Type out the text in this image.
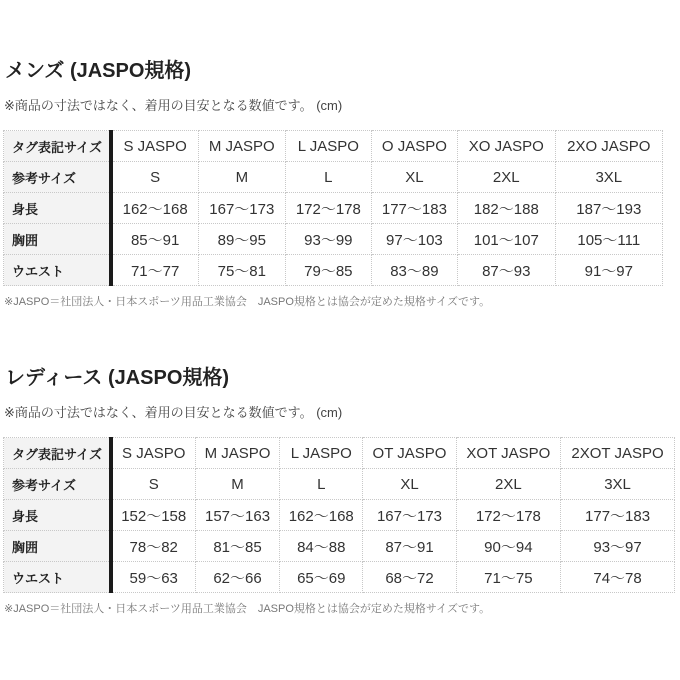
メンズ (JASPO規格)

※商品の寸法ではなく、着用の目安となる数値です。 (cm)

タグ表記サイズ	S JASPO	M JASPO	L JASPO	O JASPO	XO JASPO	2XO JASPO
参考サイズ	S	M	L	XL	2XL	3XL
身長	162～168	167～173	172～178	177～183	182～188	187～193
胸囲	85～91	89～95	93～99	97～103	101～107	105～111
ウエスト	71～77	75～81	79～85	83～89	87～93	91～97

※JASPO＝社団法人・日本スポーツ用品工業協会　JASPO規格とは協会が定めた規格サイズです。

レディース (JASPO規格)

※商品の寸法ではなく、着用の目安となる数値です。 (cm)

タグ表記サイズ	S JASPO	M JASPO	L JASPO	OT JASPO	XOT JASPO	2XOT JASPO
参考サイズ	S	M	L	XL	2XL	3XL
身長	152～158	157～163	162～168	167～173	172～178	177～183
胸囲	78～82	81～85	84～88	87～91	90～94	93～97
ウエスト	59～63	62～66	65～69	68～72	71～75	74～78

※JASPO＝社団法人・日本スポーツ用品工業協会　JASPO規格とは協会が定めた規格サイズです。
